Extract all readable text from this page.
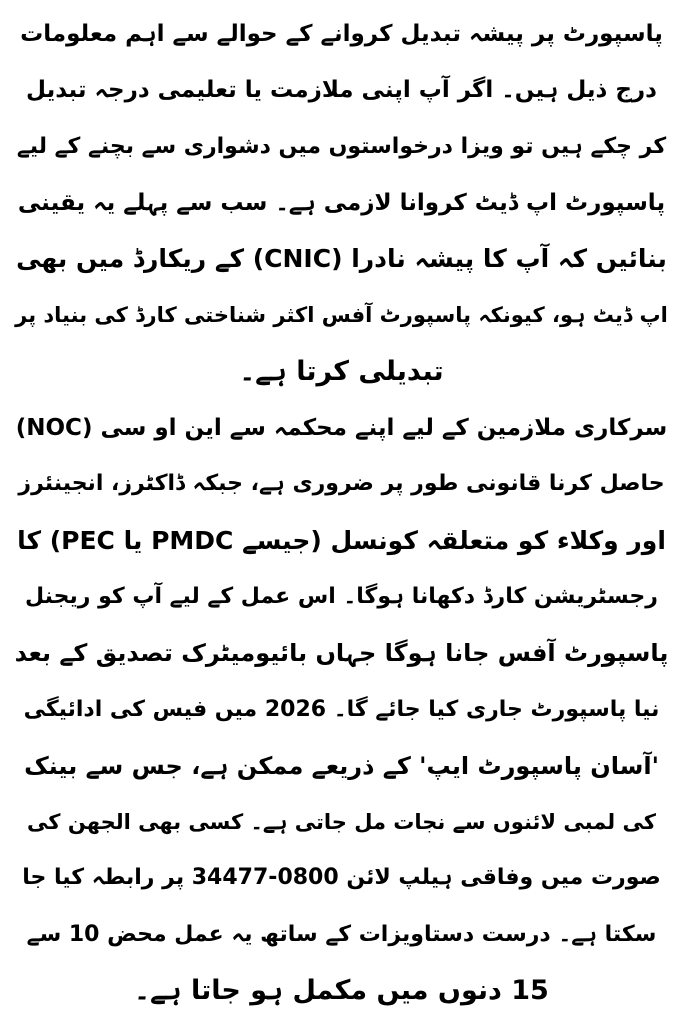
پاسپورٹ پر پیشہ تبدیل کروانے کے حوالے سے اہم معلومات
درج ذیل ہیں۔ اگر آپ اپنی ملازمت یا تعلیمی درجہ تبدیل
کر چکے ہیں تو ویزا درخواستوں میں دشواری سے بچنے کے لیے
پاسپورٹ اپ ڈیٹ کروانا لازمی ہے۔ سب سے پہلے یہ یقینی
بنائیں کہ آپ کا پیشہ نادرا (CNIC) کے ریکارڈ میں بھی
اپ ڈیٹ ہو، کیونکہ پاسپورٹ آفس اکثر شناختی کارڈ کی بنیاد پر
تبدیلی کرتا ہے۔
سرکاری ملازمین کے لیے اپنے محکمہ سے این او سی (NOC)
حاصل کرنا قانونی طور پر ضروری ہے، جبکہ ڈاکٹرز، انجینئرز
اور وکلاء کو متعلقہ کونسل (جیسے PMDC یا PEC) کا
رجسٹریشن کارڈ دکھانا ہوگا۔ اس عمل کے لیے آپ کو ریجنل
پاسپورٹ آفس جانا ہوگا جہاں بائیومیٹرک تصدیق کے بعد
نیا پاسپورٹ جاری کیا جائے گا۔ 2026 میں فیس کی ادائیگی
'آسان پاسپورٹ ایپ' کے ذریعے ممکن ہے، جس سے بینک
کی لمبی لائنوں سے نجات مل جاتی ہے۔ کسی بھی الجھن کی
صورت میں وفاقی ہیلپ لائن 0800-34477 پر رابطہ کیا جا
سکتا ہے۔ درست دستاویزات کے ساتھ یہ عمل محض 10 سے
15 دنوں میں مکمل ہو جاتا ہے۔
